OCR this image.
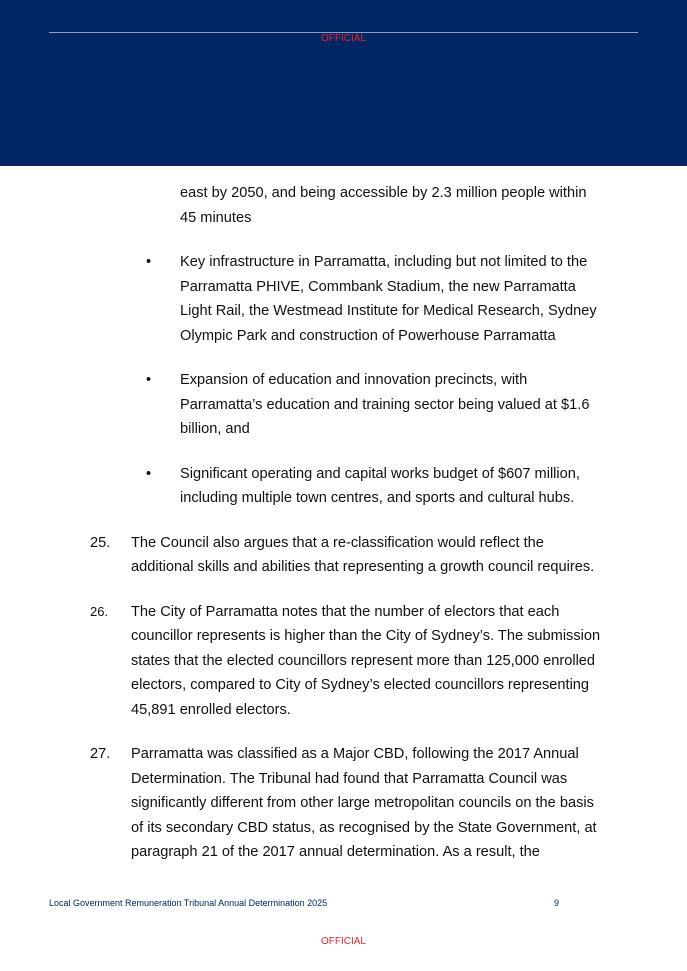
OFFICIAL

east by 2050, and being accessible by 2.3 million people within 45 minutes

• Key infrastructure in Parramatta, including but not limited to the Parramatta PHIVE, Commbank Stadium, the new Parramatta Light Rail, the Westmead Institute for Medical Research, Sydney Olympic Park and construction of Powerhouse Parramatta
• Expansion of education and innovation precincts, with Parramatta’s education and training sector being valued at $1.6 billion, and
• Significant operating and capital works budget of $607 million, including multiple town centres, and sports and cultural hubs.
25. The Council also argues that a re-classification would reflect the additional skills and abilities that representing a growth council requires.
26. The City of Parramatta notes that the number of electors that each councillor represents is higher than the City of Sydney’s. The submission states that the elected councillors represent more than 125,000 enrolled electors, compared to City of Sydney’s elected councillors representing 45,891 enrolled electors.
27. Parramatta was classified as a Major CBD, following the 2017 Annual Determination. The Tribunal had found that Parramatta Council was significantly different from other large metropolitan councils on the basis of its secondary CBD status, as recognised by the State Government, at paragraph 21 of the 2017 annual determination. As a result, the
Local Government Remuneration Tribunal Annual Determination 2025	9
OFFICIAL
